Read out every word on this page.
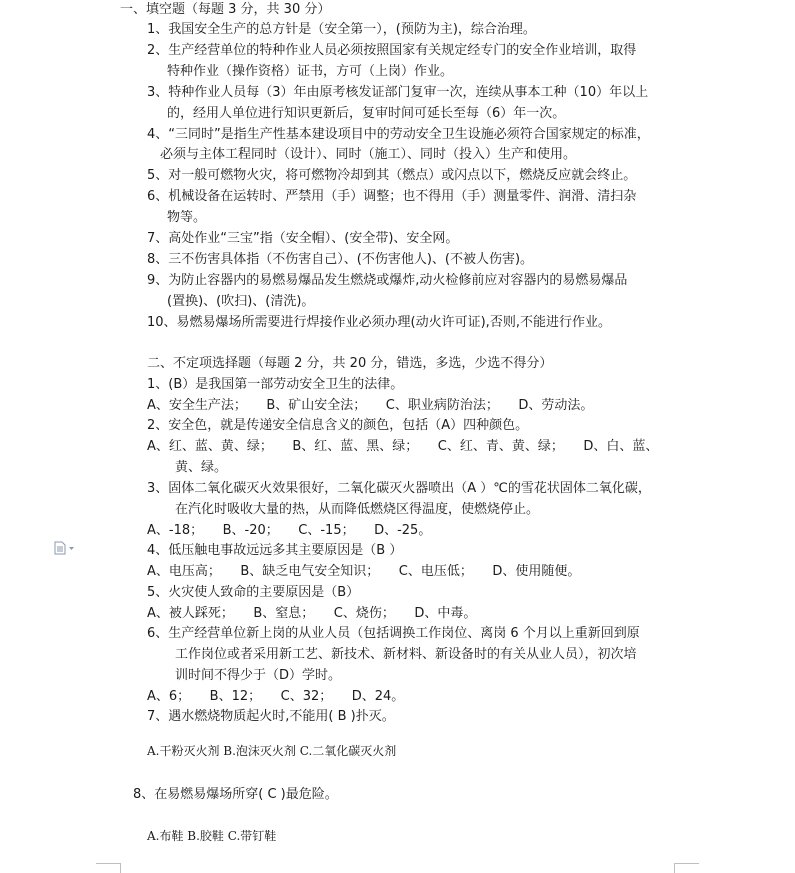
一、填空题（每题 3 分，共 30 分）
1、我国安全生产的总方针是（安全第一），(预防为主)，综合治理。
2、生产经营单位的特种作业人员必须按照国家有关规定经专门的安全作业培训，取得
特种作业（操作资格）证书，方可（上岗）作业。
3、特种作业人员每（3）年由原考核发证部门复审一次，连续从事本工种（10）年以上
的，经用人单位进行知识更新后，复审时间可延长至每（6）年一次。
4、“三同时”是指生产性基本建设项目中的劳动安全卫生设施必须符合国家规定的标准，
必须与主体工程同时（设计）、同时（施工）、同时（投入）生产和使用。
5、对一般可燃物火灾，将可燃物冷却到其（燃点）或闪点以下，燃烧反应就会终止。
6、机械设备在运转时、严禁用（手）调整；也不得用（手）测量零件、润滑、清扫杂
物等。
7、高处作业“三宝”指（安全帽）、(安全带)、安全网。
8、三不伤害具体指（不伤害自己）、(不伤害他人)、(不被人伤害)。
9、为防止容器内的易燃易爆品发生燃烧或爆炸,动火检修前应对容器内的易燃易爆品
(置换)、(吹扫)、(清洗)。
10、易燃易爆场所需要进行焊接作业必须办理(动火许可证),否则,不能进行作业。
二、不定项选择题（每题 2 分，共 20 分，错选，多选，少选不得分）
1、(B）是我国第一部劳动安全卫生的法律。
A、安全生产法；　　B、矿山安全法；　　C、职业病防治法；　　D、劳动法。
2、安全色，就是传递安全信息含义的颜色，包括（A）四种颜色。
A、红、蓝、黄、绿；　　B、红、蓝、黑、绿；　　C、红、青、黄、绿；　　D、白、蓝、
黄、绿。
3、固体二氧化碳灭火效果很好，二氧化碳灭火器喷出（A ）℃的雪花状固体二氧化碳，
在汽化时吸收大量的热，从而降低燃烧区得温度，使燃烧停止。
A、-18；　　B、-20；　　C、-15；　　D、-25。
4、低压触电事故远远多其主要原因是（B ）
A、电压高；　　B、缺乏电气安全知识；　　C、电压低；　　D、使用随便。
5、火灾使人致命的主要原因是（B）
A、被人踩死；　　B、窒息；　　C、烧伤；　　D、中毒。
6、生产经营单位新上岗的从业人员（包括调换工作岗位、离岗 6 个月以上重新回到原
工作岗位或者采用新工艺、新技术、新材料、新设备时的有关从业人员），初次培
训时间不得少于（D）学时。
A、6；　　B、12；　　C、32；　　D、24。
7、遇水燃烧物质起火时,不能用( B )扑灭。
A.干粉灭火剂 B.泡沫灭火剂 C.二氧化碳灭火剂
8、在易燃易爆场所穿( C )最危险。
A.布鞋 B.胶鞋 C.带钉鞋
